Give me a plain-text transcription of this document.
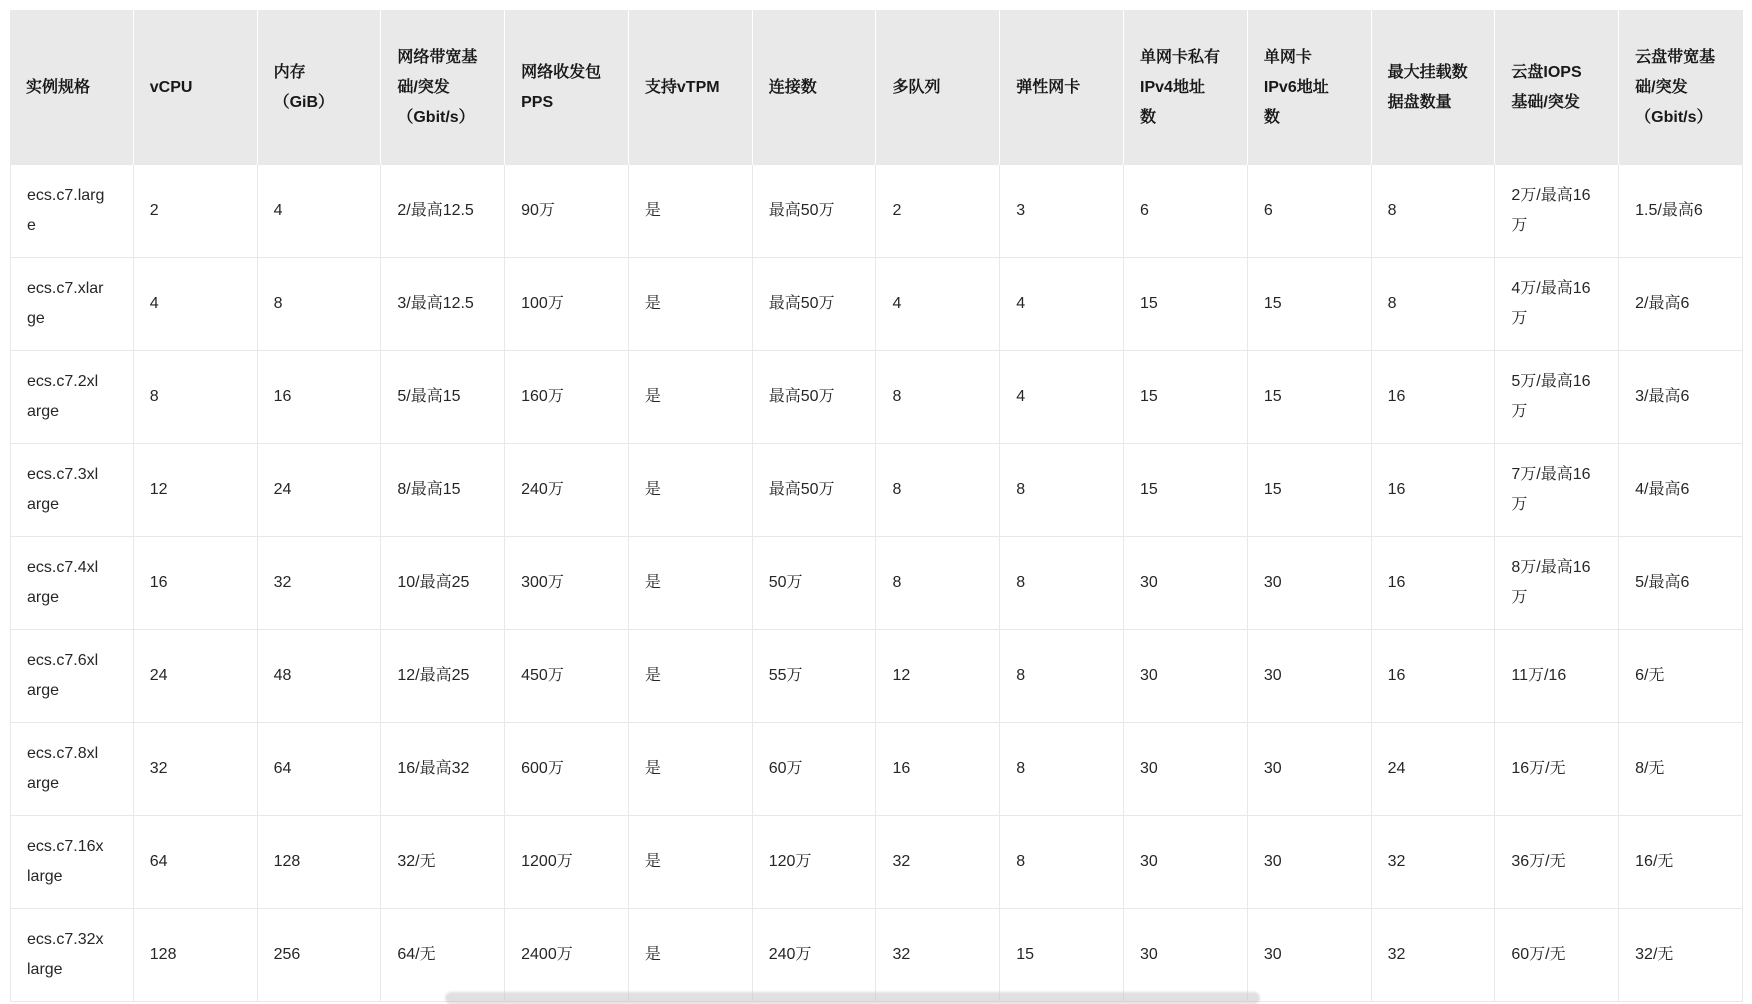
实例规格	vCPU	内存（GiB）	网络带宽基础/突发（Gbit/s）	网络收发包PPS	支持vTPM	连接数	多队列	弹性网卡	单网卡私有IPv4地址数	单网卡IPv6地址数	最大挂载数据盘数量	云盘IOPS基础/突发	云盘带宽基础/突发（Gbit/s）
ecs.c7.large	2	4	2/最高12.5	90万	是	最高50万	2	3	6	6	8	2万/最高16万	1.5/最高6
ecs.c7.xlarge	4	8	3/最高12.5	100万	是	最高50万	4	4	15	15	8	4万/最高16万	2/最高6
ecs.c7.2xlarge	8	16	5/最高15	160万	是	最高50万	8	4	15	15	16	5万/最高16万	3/最高6
ecs.c7.3xlarge	12	24	8/最高15	240万	是	最高50万	8	8	15	15	16	7万/最高16万	4/最高6
ecs.c7.4xlarge	16	32	10/最高25	300万	是	50万	8	8	30	30	16	8万/最高16万	5/最高6
ecs.c7.6xlarge	24	48	12/最高25	450万	是	55万	12	8	30	30	16	11万/16	6/无
ecs.c7.8xlarge	32	64	16/最高32	600万	是	60万	16	8	30	30	24	16万/无	8/无
ecs.c7.16xlarge	64	128	32/无	1200万	是	120万	32	8	30	30	32	36万/无	16/无
ecs.c7.32xlarge	128	256	64/无	2400万	是	240万	32	15	30	30	32	60万/无	32/无
